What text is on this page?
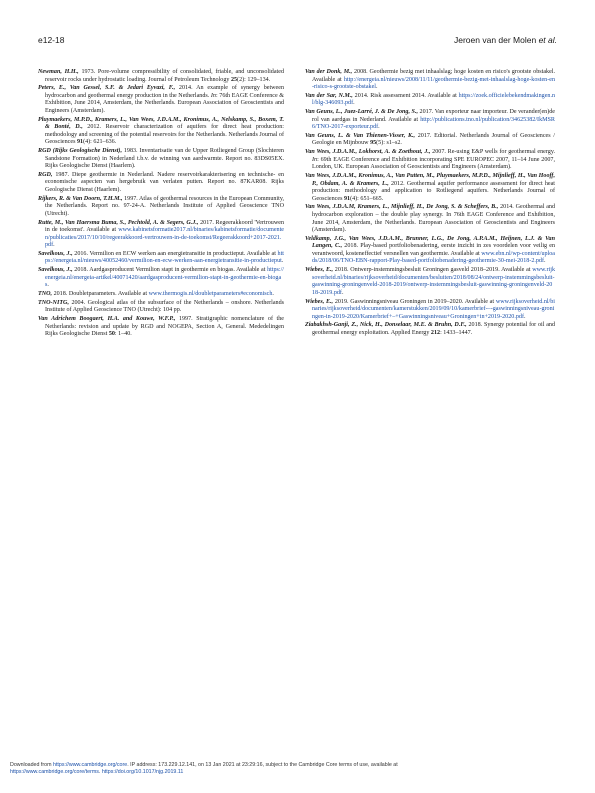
e12-18	Jeroen van der Molen et al.
Newman, H.H., 1973. Pore-volume compressibility of consolidated, friable, and unconsolidated reservoir rocks under hydrostatic loading. Journal of Petroleum Technology 25(2): 129–134.
Peters, E., Van Gessel, S.F. & Jedari Eyvazi, F., 2014. An example of synergy between hydrocarbon and geothermal energy production in the Netherlands. In: 76th EAGE Conference & Exhibition, June 2014, Amsterdam, the Netherlands. European Association of Geoscientists and Engineers (Amsterdam).
Pluymaekers, M.P.D., Kramers, L., Van Wees, J.D.A.M., Kronimus, A., Nelskamp, S., Boxem, T. & Bonté, D., 2012. Reservoir characterization of aquifers for direct heat production: methodology and screening of the potential reservoirs for the Netherlands. Netherlands Journal of Geosciences 91(4): 621–636.
RGD (Rijks Geologische Dienst), 1983. Inventarisatie van de Upper Rotliegend Group (Slochteren Sandstone Formation) in Nederland t.b.v. de winning van aardwarmte. Report no. 83DS05EX. Rijks Geologische Dienst (Haarlem).
RGD, 1987. Diepe geothermie in Nederland. Nadere reservoirkarakterisering en technische- en economische aspecten van hergebruik van verlaten putten. Report no. 87KAR08. Rijks Geologische Dienst (Haarlem).
Rijkers, R. & Van Doorn, T.H.M., 1997. Atlas of geothermal resources in the European Community, the Netherlands. Report no. 97-24-A. Netherlands Institute of Applied Geoscience TNO (Utrecht).
Rutte, M., Van Haersma Buma, S., Pechtold, A. & Segers, G.J., 2017. Regeerakkoord 'Vertrouwen in de toekomst'. Available at www.kabinetsformatie2017.nl/binaries/kabinetsformatie/documenten/publicaties/2017/10/10/regeerakkoord-vertrouwen-in-de-toekomst/Regeerakkoord+2017-2021.pdf.
Savelkous, J., 2016. Vermilion en ECW werken aan energietransitie in productieput. Available at https://energeia.nl/nieuws/40052460/vermilion-en-ecw-werken-aan-energietransitie-in-productieput.
Savelkous, J., 2018. Aardgasproducent Vermilion stapt in geothermie en biogas. Available at https://energeia.nl/energeia-artikel/40071420/aardgasproducent-vermilion-stapt-in-geothermie-en-biogas.
TNO, 2018. Doubletparameters. Available at www.thermogis.nl/doubletparameters#economisch.
TNO-NITG, 2004. Geological atlas of the subsurface of the Netherlands – onshore. Netherlands Institute of Applied Geoscience TNO (Utrecht): 104 pp.
Van Adrichem Boogaert, H.A. and Kouwe, W.F.P., 1997. Stratigraphic nomenclature of the Netherlands: revision and update by RGD and NOGEPA, Section A, General. Mededelingen Rijks Geologische Dienst 50: 1–40.
Van der Donk, M., 2008. Geothermie bezig met inhaalslag; hoge kosten en risico's grootste obstakel. Available at http://energeia.nl/nieuws/2008/11/11/geothermie-bezig-met-inhaalslag-hoge-kosten-en-risico-s-grootste-obstakel.
Van der Sar, N.M., 2014. Risk assessment 2014. Available at https://zoek.officielebekendmakingen.nl/blg-346093.pdf.
Van Geuns, L., Juez-Larré, J. & De Jong, S., 2017. Van exporteur naar importeur. De verander(en)de rol van aardgas in Nederland. Available at http://publications.tno.nl/publication/34625382/IkMSR6/TNO-2017-exporteur.pdf.
Van Geuns, L. & Van Thienen-Visser, K., 2017. Editorial. Netherlands Journal of Geosciences / Geologie en Mijnbouw 95(5): s1–s2.
Van Wees, J.D.A.M., Lokhorst, A. & Zoethout, J., 2007. Re-using E&P wells for geothermal energy. In: 69th EAGE Conference and Exhibition incorporating SPE EUROPEC 2007, 11–14 June 2007, London, UK. European Association of Geoscientists and Engineers (Amsterdam).
Van Wees, J.D.A.M., Kronimus, A., Van Putten, M., Pluymaekers, M.P.D., Mijnlieff, H., Van Hooff, P., Obdam, A. & Kramers, L., 2012. Geothermal aquifer performance assessment for direct heat production: methodology and application to Rotliegend aquifers. Netherlands Journal of Geosciences 91(4): 651–665.
Van Wees, J.D.A.M, Kramers, L., Mijnlieff, H., De Jong, S. & Scheffers, B., 2014. Geothermal and hydrocarbon exploration – the double play synergy. In 76th EAGE Conference and Exhibition, June 2014, Amsterdam, the Netherlands. European Association of Geoscientists and Engineers (Amsterdam).
Veldkamp, J.G., Van Wees, J.D.A.M., Brunner, L.G., De Jong, A.P.A.M., Heijnen, L.J. & Van Langen, C., 2018. Play-based portfoliobenadering, eerste inzicht in zes voordelen voor veilig en verantwoord, kosteneffectief versnellen van geothermie. Available at www.ebn.nl/wp-content/uploads/2018/06/TNO-EBN-rapport-Play-based-portfoliobenadering-geothermie-30-mei-2018-2.pdf.
Wiebes, E., 2018. Ontwerp-instemmingsbesluit Groningen gasveld 2018–2019. Available at www.rijksoverheid.nl/binaries/rijksoverheid/documenten/besluiten/2018/08/24/ontwerp-instemmingsbesluit-gaswinning-groningenveld-2018-2019/ontwerp-instemmingsbesluit-gaswinning-groningenveld-2018-2019.pdf.
Wiebes, E., 2019. Gaswinningsniveau Groningen in 2019–2020. Available at www.rijksoverheid.nl/binaries/rijksoverheid/documenten/kamerstukken/2019/09/10/kamerbrief-–-gaswinningsniveau-groningen-in-2019-2020/Kamerbrief+–+Gaswinningsniveau+Groningen+in+2019-2020.pdf.
Ziabakhsh-Ganji, Z., Nick, H., Donselaar, M.E. & Bruhn, D.F., 2018. Synergy potential for oil and geothermal energy exploitation. Applied Energy 212: 1433–1447.
Downloaded from https://www.cambridge.org/core. IP address: 173.229.12.141, on 13 Jan 2021 at 23:29:16, subject to the Cambridge Core terms of use, available at
https://www.cambridge.org/core/terms. https://doi.org/10.1017/njg.2019.11
